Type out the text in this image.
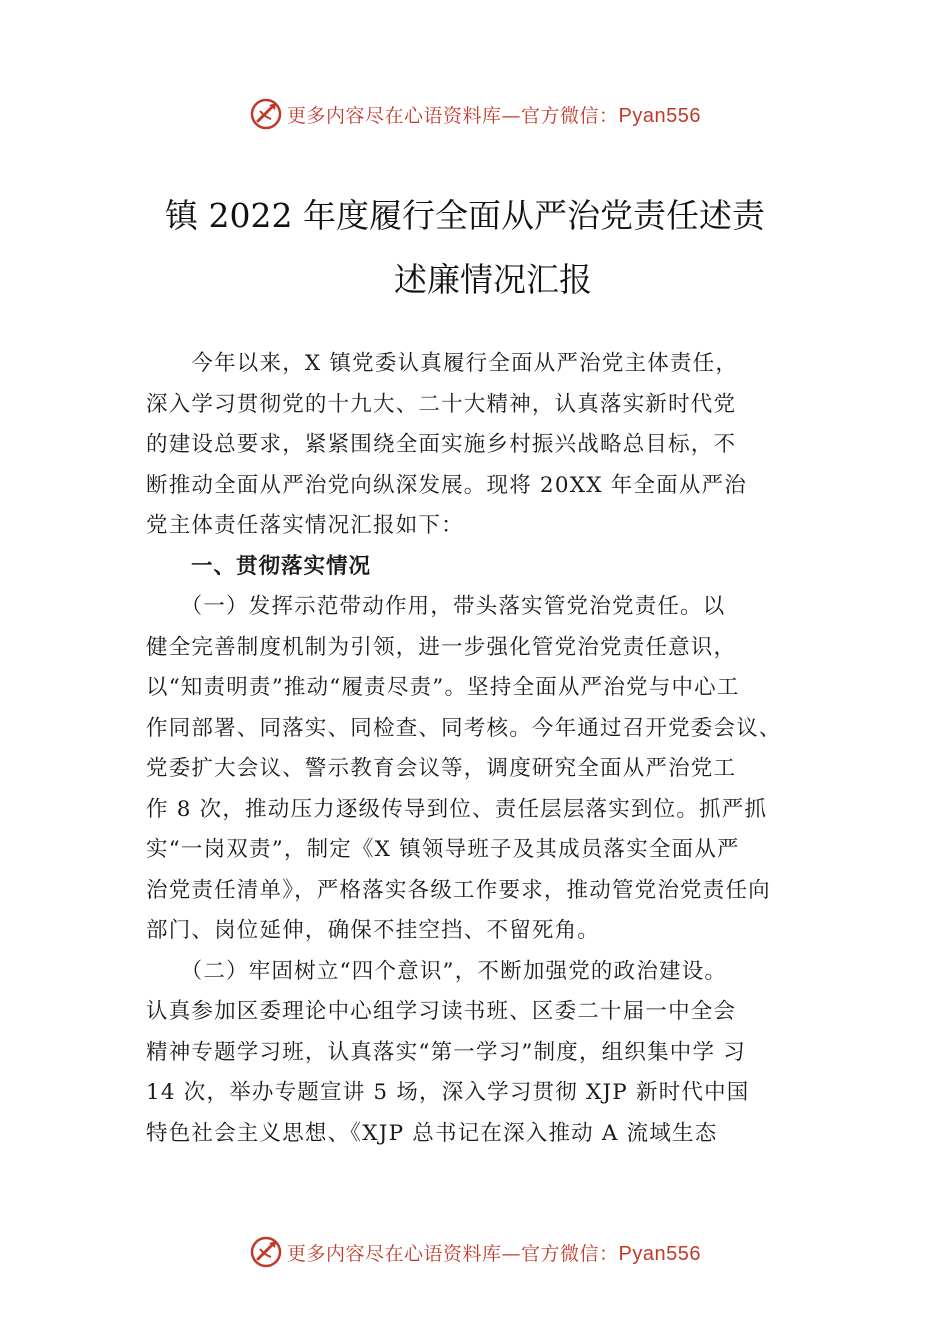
更多内容尽在心语资料库—官方微信：Pyan556
镇 2022 年度履行全面从严治党责任述责
述廉情况汇报
　　今年以来，X 镇党委认真履行全面从严治党主体责任，
深入学习贯彻党的十九大、二十大精神，认真落实新时代党
的建设总要求，紧紧围绕全面实施乡村振兴战略总目标，不
断推动全面从严治党向纵深发展。现将 20XX 年全面从严治
党主体责任落实情况汇报如下：
　　一、贯彻落实情况
　　（一）发挥示范带动作用，带头落实管党治党责任。以
健全完善制度机制为引领，进一步强化管党治党责任意识，
以“知责明责”推动“履责尽责”。坚持全面从严治党与中心工
作同部署、同落实、同检查、同考核。今年通过召开党委会议、
党委扩大会议、警示教育会议等，调度研究全面从严治党工
作 8 次，推动压力逐级传导到位、责任层层落实到位。抓严抓
实“一岗双责”，制定《X 镇领导班子及其成员落实全面从严
治党责任清单》，严格落实各级工作要求，推动管党治党责任向
部门、岗位延伸，确保不挂空挡、不留死角。
　　（二）牢固树立“四个意识”，不断加强党的政治建设。
认真参加区委理论中心组学习读书班、区委二十届一中全会
精神专题学习班，认真落实“第一学习”制度，组织集中学 习
14 次，举办专题宣讲 5 场，深入学习贯彻 XJP 新时代中国
特色社会主义思想、《XJP 总书记在深入推动 A 流域生态
更多内容尽在心语资料库—官方微信：Pyan556
